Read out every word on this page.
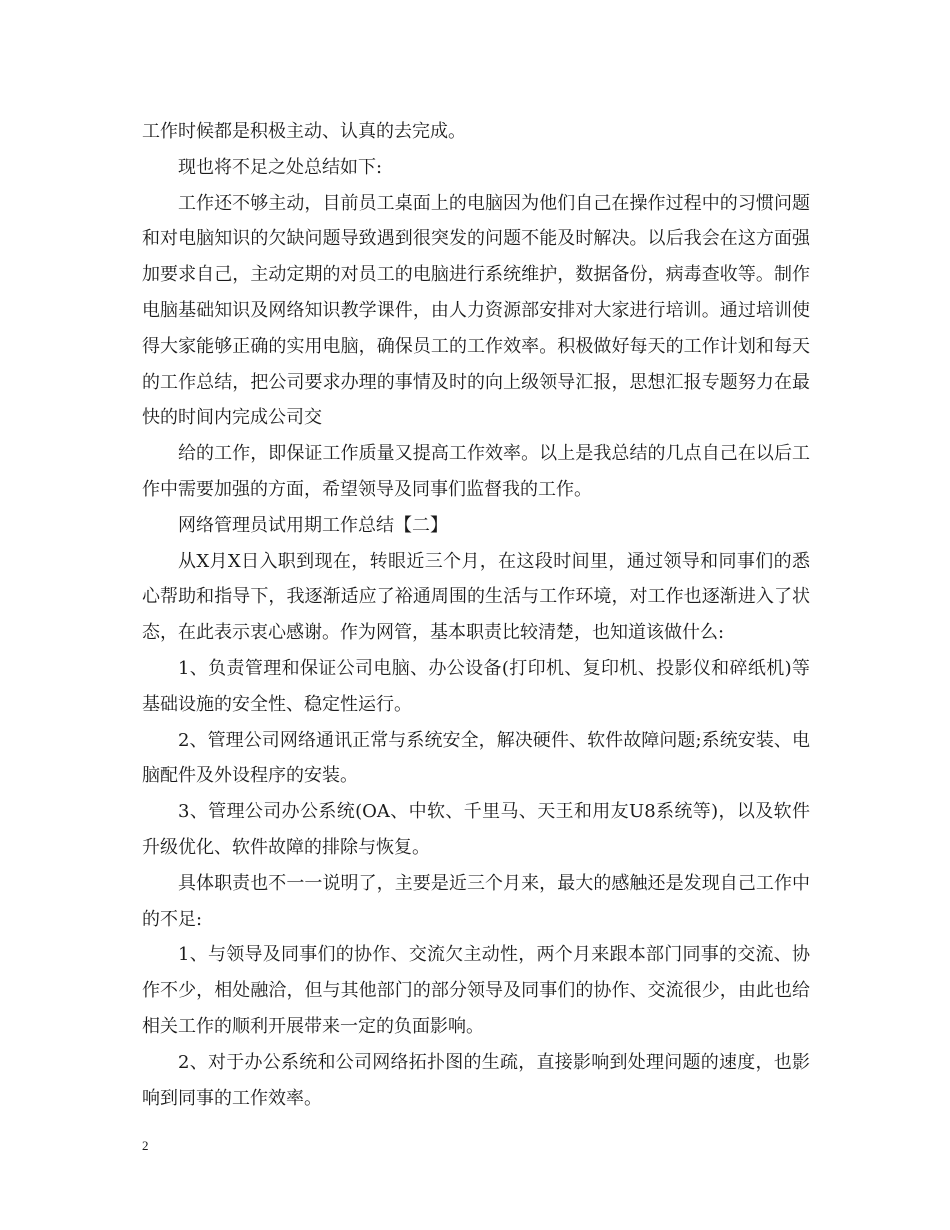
工作时候都是积极主动、认真的去完成。

现也将不足之处总结如下:

工作还不够主动，目前员工桌面上的电脑因为他们自己在操作过程中的习惯问题和对电脑知识的欠缺问题导致遇到很突发的问题不能及时解决。以后我会在这方面强加要求自己，主动定期的对员工的电脑进行系统维护，数据备份，病毒查收等。制作电脑基础知识及网络知识教学课件，由人力资源部安排对大家进行培训。通过培训使得大家能够正确的实用电脑，确保员工的工作效率。积极做好每天的工作计划和每天的工作总结，把公司要求办理的事情及时的向上级领导汇报，思想汇报专题努力在最快的时间内完成公司交

给的工作，即保证工作质量又提高工作效率。以上是我总结的几点自己在以后工作中需要加强的方面，希望领导及同事们监督我的工作。

网络管理员试用期工作总结【二】

从X月X日入职到现在，转眼近三个月，在这段时间里，通过领导和同事们的悉心帮助和指导下，我逐渐适应了裕通周围的生活与工作环境，对工作也逐渐进入了状态，在此表示衷心感谢。作为网管，基本职责比较清楚，也知道该做什么:

1、负责管理和保证公司电脑、办公设备(打印机、复印机、投影仪和碎纸机)等基础设施的安全性、稳定性运行。

2、管理公司网络通讯正常与系统安全，解决硬件、软件故障问题;系统安装、电脑配件及外设程序的安装。

3、管理公司办公系统(OA、中软、千里马、天王和用友U8系统等)，以及软件升级优化、软件故障的排除与恢复。

具体职责也不一一说明了，主要是近三个月来，最大的感触还是发现自己工作中的不足:

1、与领导及同事们的协作、交流欠主动性，两个月来跟本部门同事的交流、协作不少，相处融洽，但与其他部门的部分领导及同事们的协作、交流很少，由此也给相关工作的顺利开展带来一定的负面影响。

2、对于办公系统和公司网络拓扑图的生疏，直接影响到处理问题的速度，也影响到同事的工作效率。

2
